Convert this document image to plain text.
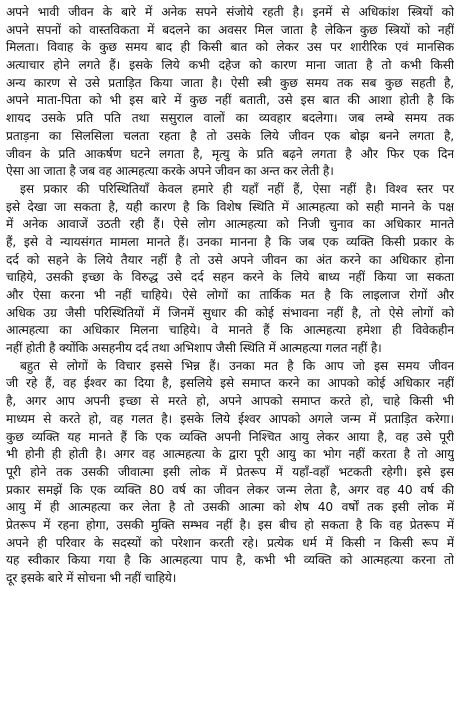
अपने भावी जीवन के बारे में अनेक सपने संजोये रहती है। इनमें से अधिकांश स्त्रियों को
अपने सपनों को वास्तविकता में बदलने का अवसर मिल जाता है लेकिन कुछ स्त्रियों को नहीं
मिलता। विवाह के कुछ समय बाद ही किसी बात को लेकर उस पर शारीरिक एवं मानसिक
अत्याचार होने लगते हैं। इसके लिये कभी दहेज को कारण माना जाता है तो कभी किसी
अन्य कारण से उसे प्रताड़ित किया जाता है। ऐसी स्त्री कुछ समय तक सब कुछ सहती है,
अपने माता-पिता को भी इस बारे में कुछ नहीं बताती, उसे इस बात की आशा होती है कि
शायद उसके प्रति पति तथा ससुराल वालों का व्यवहार बदलेगा। जब लम्बे समय तक
प्रताड़ना का सिलसिला चलता रहता है तो उसके लिये जीवन एक बोझ बनने लगता है,
जीवन के प्रति आकर्षण घटने लगता है, मृत्यु के प्रति बढ़ने लगता है और फिर एक दिन
ऐसा आ जाता है जब वह आत्महत्या करके अपने जीवन का अन्त कर लेती है।
इस प्रकार की परिस्थितियाँ केवल हमारे ही यहाँ नहीं हैं, ऐसा नहीं है। विश्व स्तर पर
इसे देखा जा सकता है, यही कारण है कि विशेष स्थिति में आत्महत्या को सही मानने के पक्ष
में अनेक आवाजें उठती रही हैं। ऐसे लोग आत्महत्या को निजी चुनाव का अधिकार मानते
हैं, इसे वे न्यायसंगत मामला मानते हैं। उनका मानना है कि जब एक व्यक्ति किसी प्रकार के
दर्द को सहने के लिये तैयार नहीं है तो उसे अपने जीवन का अंत करने का अधिकार होना
चाहिये, उसकी इच्छा के विरुद्ध उसे दर्द सहन करने के लिये बाध्य नहीं किया जा सकता
और ऐसा करना भी नहीं चाहिये। ऐसे लोगों का तार्किक मत है कि लाइलाज रोगों और
अधिक उग्र जैसी परिस्थितियों में जिनमें सुधार की कोई संभावना नहीं है, तो ऐसे लोगों को
आत्महत्या का अधिकार मिलना चाहिये। वे मानते हैं कि आत्महत्या हमेशा ही विवेकहीन
नहीं होती है क्योंकि असहनीय दर्द तथा अभिशाप जैसी स्थिति में आत्महत्या गलत नहीं है।
बहुत से लोगों के विचार इससे भिन्न हैं। उनका मत है कि आप जो इस समय जीवन
जी रहे हैं, वह ईश्वर का दिया है, इसलिये इसे समाप्त करने का आपको कोई अधिकार नहीं
है, अगर आप अपनी इच्छा से मरते हो, अपने आपको समाप्त करते हो, चाहे किसी भी
माध्यम से करते हो, वह गलत है। इसके लिये ईश्वर आपको अगले जन्म में प्रताड़ित करेगा।
कुछ व्यक्ति यह मानते हैं कि एक व्यक्ति अपनी निश्चित आयु लेकर आया है, वह उसे पूरी
भी होनी ही होती है। अगर वह आत्महत्या के द्वारा पूरी आयु का भोग नहीं करता है तो आयु
पूरी होने तक उसकी जीवात्मा इसी लोक में प्रेतरूप में यहाँ-वहाँ भटकती रहेगी। इसे इस
प्रकार समझें कि एक व्यक्ति 80 वर्ष का जीवन लेकर जन्म लेता है, अगर वह 40 वर्ष की
आयु में ही आत्महत्या कर लेता है तो उसकी आत्मा को शेष 40 वर्षों तक इसी लोक में
प्रेतरूप में रहना होगा, उसकी मुक्ति सम्भव नहीं है। इस बीच हो सकता है कि वह प्रेतरूप में
अपने ही परिवार के सदस्यों को परेशान करती रहे। प्रत्येक धर्म में किसी न किसी रूप में
यह स्वीकार किया गया है कि आत्महत्या पाप है, कभी भी व्यक्ति को आत्महत्या करना तो
दूर इसके बारे में सोचना भी नहीं चाहिये।
